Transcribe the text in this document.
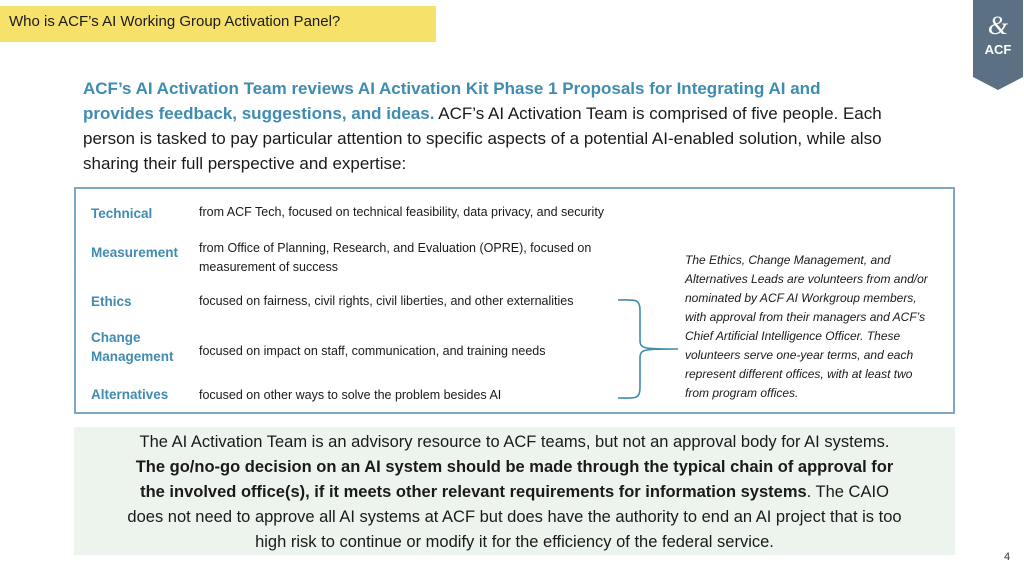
Who is ACF’s AI Working Group Activation Panel?	&
ACF
ACF’s AI Activation Team reviews AI Activation Kit Phase 1 Proposals for Integrating AI and
provides feedback, suggestions, and ideas. ACF’s AI Activation Team is comprised of five people. Each
person is tasked to pay particular attention to specific aspects of a potential AI-enabled solution, while also
sharing their full perspective and expertise:
Technical	from ACF Tech, focused on technical feasibility, data privacy, and security
Measurement from Office of Planning, Research, and Evaluation (OPRE), focused on
measurement of success
Ethics	focused on fairness, civil rights, civil liberties, and other externalities
Change
Management focused on impact on staff, communication, and training needs
Alternatives focused on other ways to solve the problem besides AI
The Ethics, Change Management, and
Alternatives Leads are volunteers from and/or
nominated by ACF AI Workgroup members,
with approval from their managers and ACF’s
Chief Artificial Intelligence Officer. These
volunteers serve one-year terms, and each
represent different offices, with at least two
from program offices.
The AI Activation Team is an advisory resource to ACF teams, but not an approval body for AI systems.
The go/no-go decision on an AI system should be made through the typical chain of approval for
the involved office(s), if it meets other relevant requirements for information systems. The CAIO
does not need to approve all AI systems at ACF but does have the authority to end an AI project that is too
high risk to continue or modify it for the efficiency of the federal service.
4
